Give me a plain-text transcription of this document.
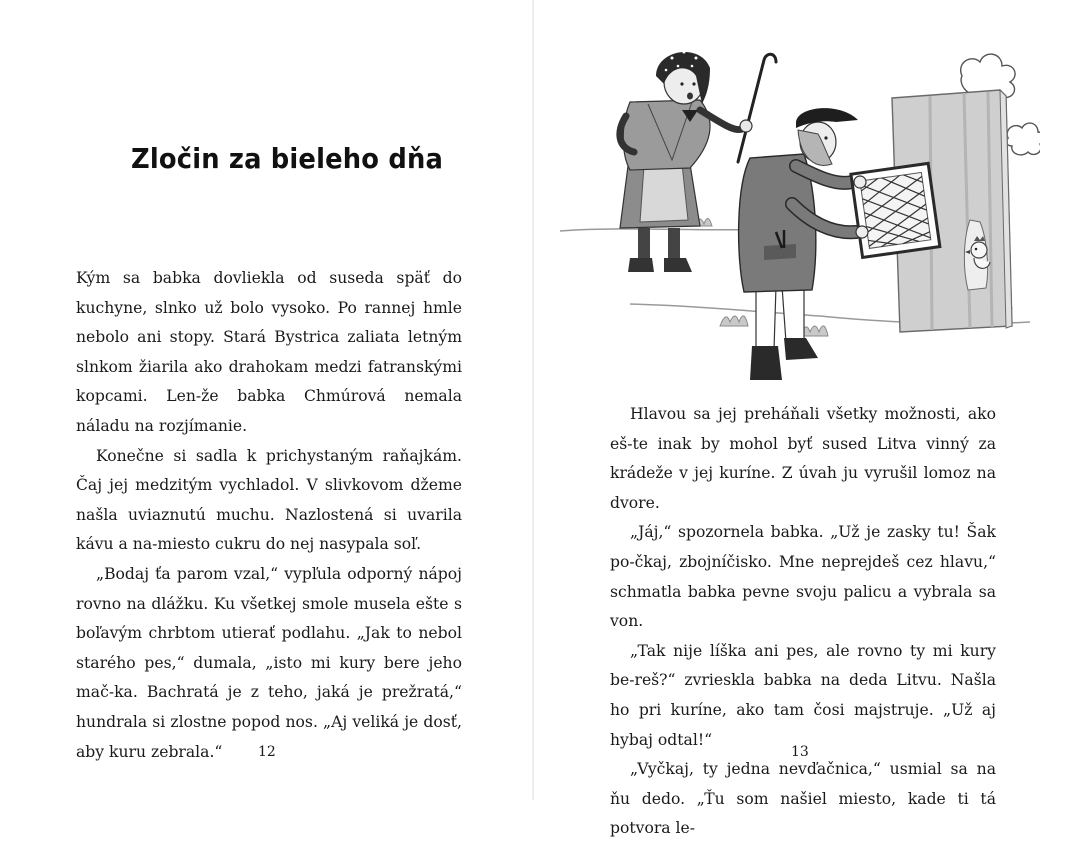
Zločin za bieleho dňa

Kým sa babka dovliekla od suseda späť do kuchyne, slnko už bolo vysoko. Po rannej hmle nebolo ani stopy. Stará Bystrica zaliata letným slnkom žiarila ako drahokam medzi fatranskými kopcami. Len-že babka Chmúrová nemala náladu na rozjímanie.

Konečne si sadla k prichystaným raňajkám. Čaj jej medzitým vychladol. V slivkovom džeme našla uviaznutú muchu. Nazlostená si uvarila kávu a na-miesto cukru do nej nasypala soľ.

„Bodaj ťa parom vzal,“ vypľula odporný nápoj rovno na dlážku. Ku všetkej smole musela ešte s boľavým chrbtom utierať podlahu. „Jak to nebol starého pes,“ dumala, „isto mi kury bere jeho mač-ka. Bachratá je z teho, jaká je prežratá,“ hundrala si zlostne popod nos. „Aj veliká je dosť, aby kuru zebrala.“	12

Hlavou sa jej preháňali všetky možnosti, ako eš-te inak by mohol byť sused Litva vinný za krádeže v jej kuríne. Z úvah ju vyrušil lomoz na dvore.

„Jáj,“ spozornela babka. „Už je zasky tu! Šak po-čkaj, zbojníčisko. Mne neprejdeš cez hlavu,“ schmatla babka pevne svoju palicu a vybrala sa von.

„Tak nije líška ani pes, ale rovno ty mi kury be-reš?“ zvrieskla babka na deda Litvu. Našla ho pri kuríne, ako tam čosi majstruje. „Už aj hybaj odtal!“

„Vyčkaj, ty jedna nevďačnica,“ usmial sa na ňu dedo. „Ťu som našiel miesto, kade ti tá potvora le-

13
